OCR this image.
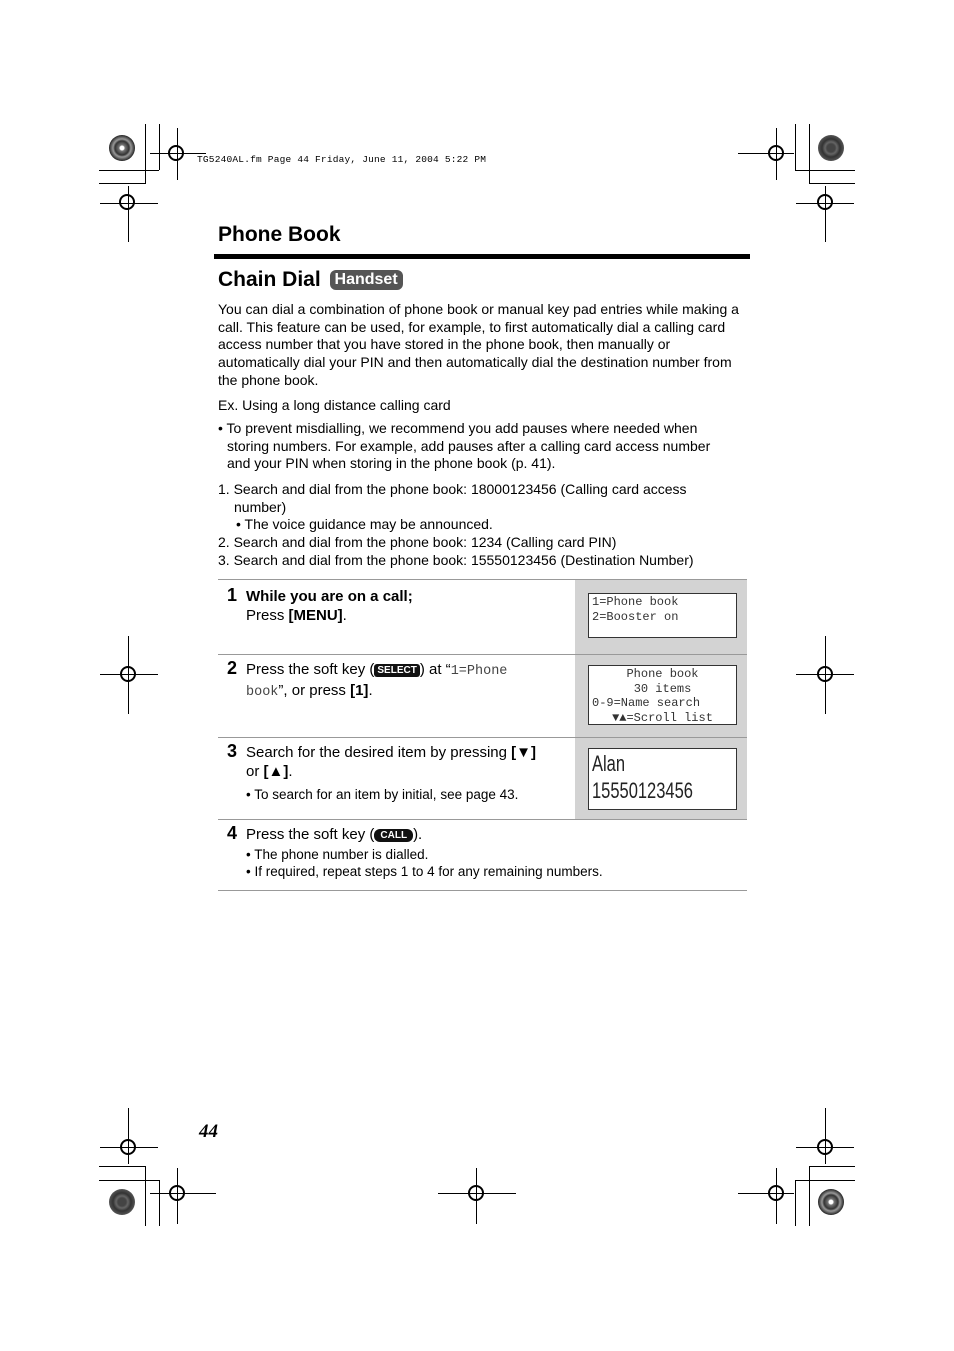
TG5240AL.fm Page 44 Friday, June 11, 2004 5:22 PM
Phone Book
Chain Dial Handset
You can dial a combination of phone book or manual key pad entries while making a call. This feature can be used, for example, to first automatically dial a calling card access number that you have stored in the phone book, then manually or automatically dial your PIN and then automatically dial the destination number from the phone book.
Ex. Using a long distance calling card
• To prevent misdialling, we recommend you add pauses where needed when
storing numbers. For example, add pauses after a calling card access number
and your PIN when storing in the phone book (p. 41).
1. Search and dial from the phone book: 18000123456 (Calling card access
number)
• The voice guidance may be announced.
2. Search and dial from the phone book: 1234 (Calling card PIN)
3. Search and dial from the phone book: 15550123456 (Destination Number)
1 While you are on a call;
Press [MENU].
1=Phone book
2=Booster on
2 Press the soft key ( SELECT ) at “1=Phone
book”, or press [1].
Phone book
30 items
0-9=Name search
▼▲=Scroll list
3 Search for the desired item by pressing [▼]
or [▲].
• To search for an item by initial, see page 43.
Alan
15550123456
4 Press the soft key ( CALL ).
• The phone number is dialled.
• If required, repeat steps 1 to 4 for any remaining numbers.
44
